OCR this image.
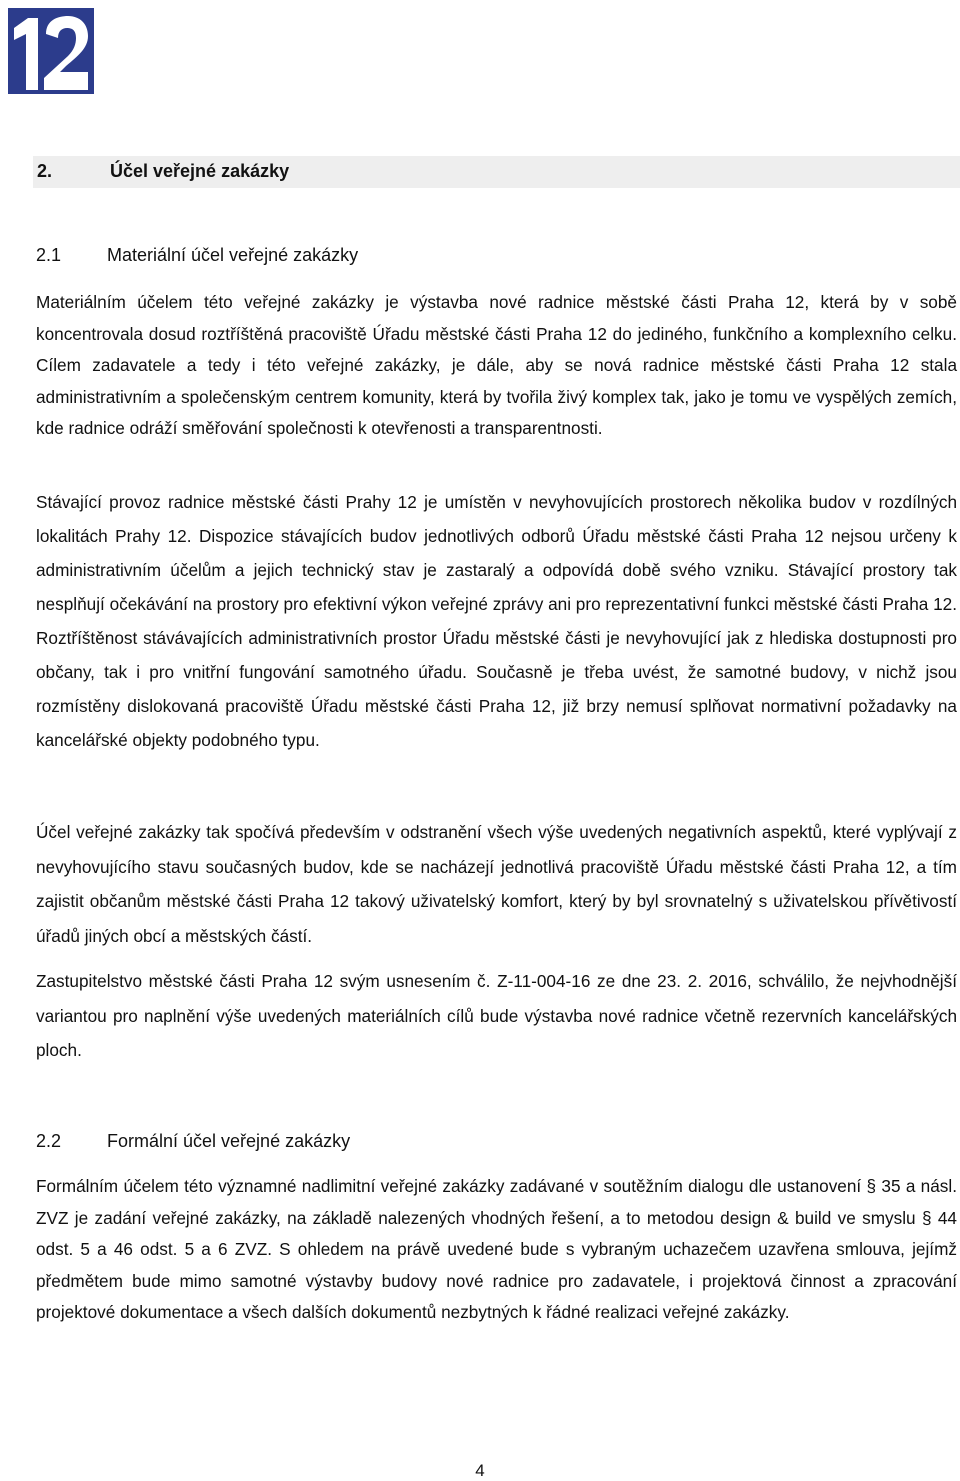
2.	Účel veřejné zakázky
2.1	Materiální účel veřejné zakázky

Materiálním účelem této veřejné zakázky je výstavba nové radnice městské části Praha 12, která by v sobě koncentrovala dosud roztříštěná pracoviště Úřadu městské části Praha 12 do jediného, funkčního a komplexního celku. Cílem zadavatele a tedy i této veřejné zakázky, je dále, aby se nová radnice městské části Praha 12 stala administrativním a společenským centrem komunity, která by tvořila živý komplex tak, jako je tomu ve vyspělých zemích, kde radnice odráží směřování společnosti k otevřenosti a transparentnosti.

Stávající provoz radnice městské části Prahy 12 je umístěn v nevyhovujících prostorech několika budov v rozdílných lokalitách Prahy 12. Dispozice stávajících budov jednotlivých odborů Úřadu městské části Praha 12 nejsou určeny k administrativním účelům a jejich technický stav je zastaralý a odpovídá době svého vzniku. Stávající prostory tak nesplňují očekávání na prostory pro efektivní výkon veřejné zprávy ani pro reprezentativní funkci městské části Praha 12. Roztříštěnost stávávajících administrativních prostor Úřadu městské části je nevyhovující jak z hlediska dostupnosti pro občany, tak i pro vnitřní fungování samotného úřadu. Současně je třeba uvést, že samotné budovy, v nichž jsou rozmístěny dislokovaná pracoviště Úřadu městské části Praha 12, již brzy nemusí splňovat normativní požadavky na kancelářské objekty podobného typu.

Účel veřejné zakázky tak spočívá především v odstranění všech výše uvedených negativních aspektů, které vyplývají z nevyhovujícího stavu současných budov, kde se nacházejí jednotlivá pracoviště Úřadu městské části Praha 12, a tím zajistit občanům městské části Praha 12 takový uživatelský komfort, který by byl srovnatelný s uživatelskou přívětivostí úřadů jiných obcí a městských částí.

Zastupitelstvo městské části Praha 12 svým usnesením č. Z-11-004-16 ze dne 23. 2. 2016, schválilo, že nejvhodnější variantou pro naplnění výše uvedených materiálních cílů bude výstavba nové radnice včetně rezervních kancelářských ploch.

2.2	Formální účel veřejné zakázky

Formálním účelem této významné nadlimitní veřejné zakázky zadávané v soutěžním dialogu dle ustanovení § 35 a násl. ZVZ je zadání veřejné zakázky, na základě nalezených vhodných řešení, a to metodou design & build ve smyslu § 44 odst. 5 a 46 odst. 5 a 6 ZVZ. S ohledem na právě uvedené bude s vybraným uchazečem uzavřena smlouva, jejímž předmětem bude mimo samotné výstavby budovy nové radnice pro zadavatele, i projektová činnost a zpracování projektové dokumentace a všech dalších dokumentů nezbytných k řádné realizaci veřejné zakázky.

4
